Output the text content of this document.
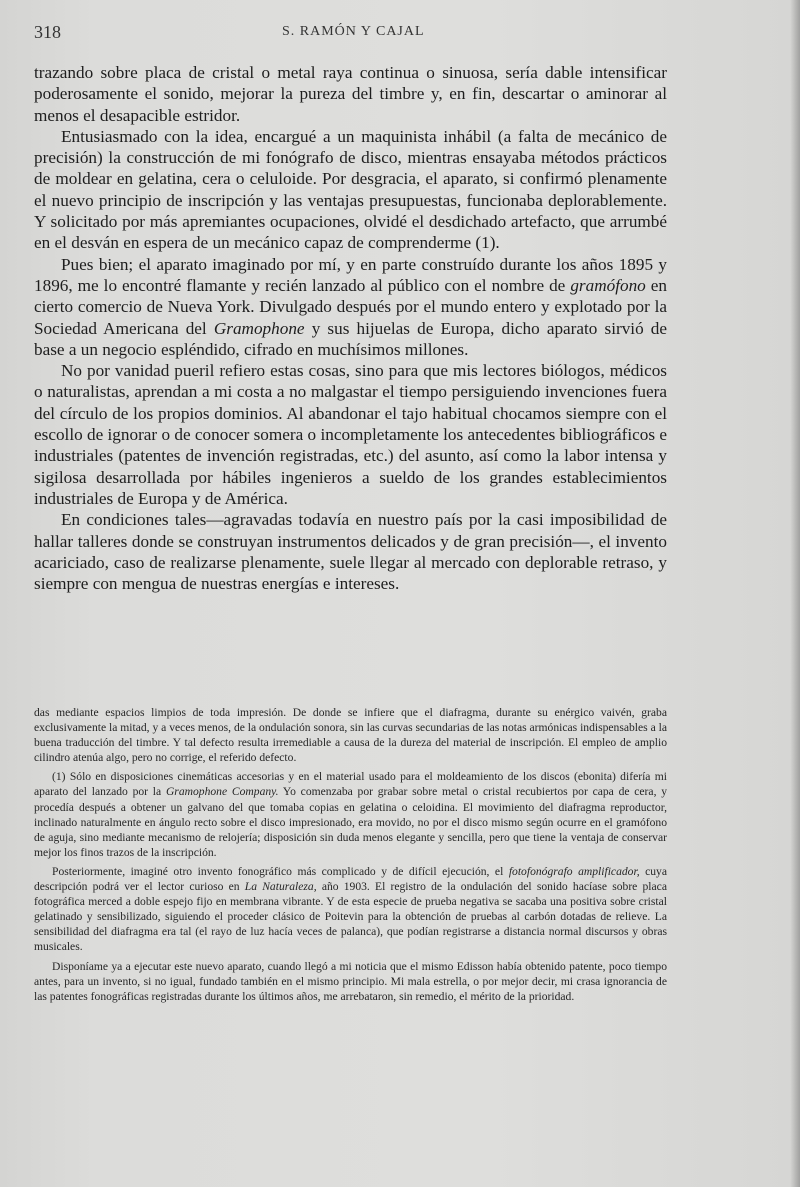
318	S. RAMÓN Y CAJAL

trazando sobre placa de cristal o metal raya continua o sinuosa, sería dable intensificar poderosamente el sonido, mejorar la pureza del timbre y, en fin, descartar o aminorar al menos el desapacible estridor.

Entusiasmado con la idea, encargué a un maquinista inhábil (a falta de mecánico de precisión) la construcción de mi fonógrafo de disco, mientras ensayaba métodos prácticos de moldear en gelatina, cera o celuloide. Por desgracia, el aparato, si confirmó plenamente el nuevo principio de inscripción y las ventajas presupuestas, funcionaba deplorablemente. Y solicitado por más apremiantes ocupaciones, olvidé el desdichado artefacto, que arrumbé en el desván en espera de un mecánico capaz de comprenderme (1).

Pues bien; el aparato imaginado por mí, y en parte construído durante los años 1895 y 1896, me lo encontré flamante y recién lanzado al público con el nombre de gramófono en cierto comercio de Nueva York. Divulgado después por el mundo entero y explotado por la Sociedad Americana del Gramophone y sus hijuelas de Europa, dicho aparato sirvió de base a un negocio espléndido, cifrado en muchísimos millones.

No por vanidad pueril refiero estas cosas, sino para que mis lectores biólogos, médicos o naturalistas, aprendan a mi costa a no malgastar el tiempo persiguiendo invenciones fuera del círculo de los propios dominios. Al abandonar el tajo habitual chocamos siempre con el escollo de ignorar o de conocer somera o incompletamente los antecedentes bibliográficos e industriales (patentes de invención registradas, etc.) del asunto, así como la labor intensa y sigilosa desarrollada por hábiles ingenieros a sueldo de los grandes establecimientos industriales de Europa y de América.

En condiciones tales—agravadas todavía en nuestro país por la casi imposibilidad de hallar talleres donde se construyan instrumentos delicados y de gran precisión—, el invento acariciado, caso de realizarse plenamente, suele llegar al mercado con deplorable retraso, y siempre con mengua de nuestras energías e intereses.

das mediante espacios limpios de toda impresión. De donde se infiere que el diafragma, durante su enérgico vaivén, graba exclusivamente la mitad, y a veces menos, de la ondulación sonora, sin las curvas secundarias de las notas armónicas indispensables a la buena traducción del timbre. Y tal defecto resulta irremediable a causa de la dureza del material de inscripción. El empleo de amplio cilindro atenúa algo, pero no corrige, el referido defecto.

(1) Sólo en disposiciones cinemáticas accesorias y en el material usado para el moldeamiento de los discos (ebonita) difería mi aparato del lanzado por la Gramophone Company. Yo comenzaba por grabar sobre metal o cristal recubiertos por capa de cera, y procedía después a obtener un galvano del que tomaba copias en gelatina o celoidina. El movimiento del diafragma reproductor, inclinado naturalmente en ángulo recto sobre el disco impresionado, era movido, no por el disco mismo según ocurre en el gramófono de aguja, sino mediante mecanismo de relojería; disposición sin duda menos elegante y sencilla, pero que tiene la ventaja de conservar mejor los finos trazos de la inscripción.

Posteriormente, imaginé otro invento fonográfico más complicado y de difícil ejecución, el fotofonógrafo amplificador, cuya descripción podrá ver el lector curioso en La Naturaleza, año 1903. El registro de la ondulación del sonido hacíase sobre placa fotográfica merced a doble espejo fijo en membrana vibrante. Y de esta especie de prueba negativa se sacaba una positiva sobre cristal gelatinado y sensibilizado, siguiendo el proceder clásico de Poitevin para la obtención de pruebas al carbón dotadas de relieve. La sensibilidad del diafragma era tal (el rayo de luz hacía veces de palanca), que podían registrarse a distancia normal discursos y obras musicales.

Disponíame ya a ejecutar este nuevo aparato, cuando llegó a mi noticia que el mismo Edisson había obtenido patente, poco tiempo antes, para un invento, si no igual, fundado también en el mismo principio. Mi mala estrella, o por mejor decir, mi crasa ignorancia de las patentes fonográficas registradas durante los últimos años, me arrebataron, sin remedio, el mérito de la prioridad.
